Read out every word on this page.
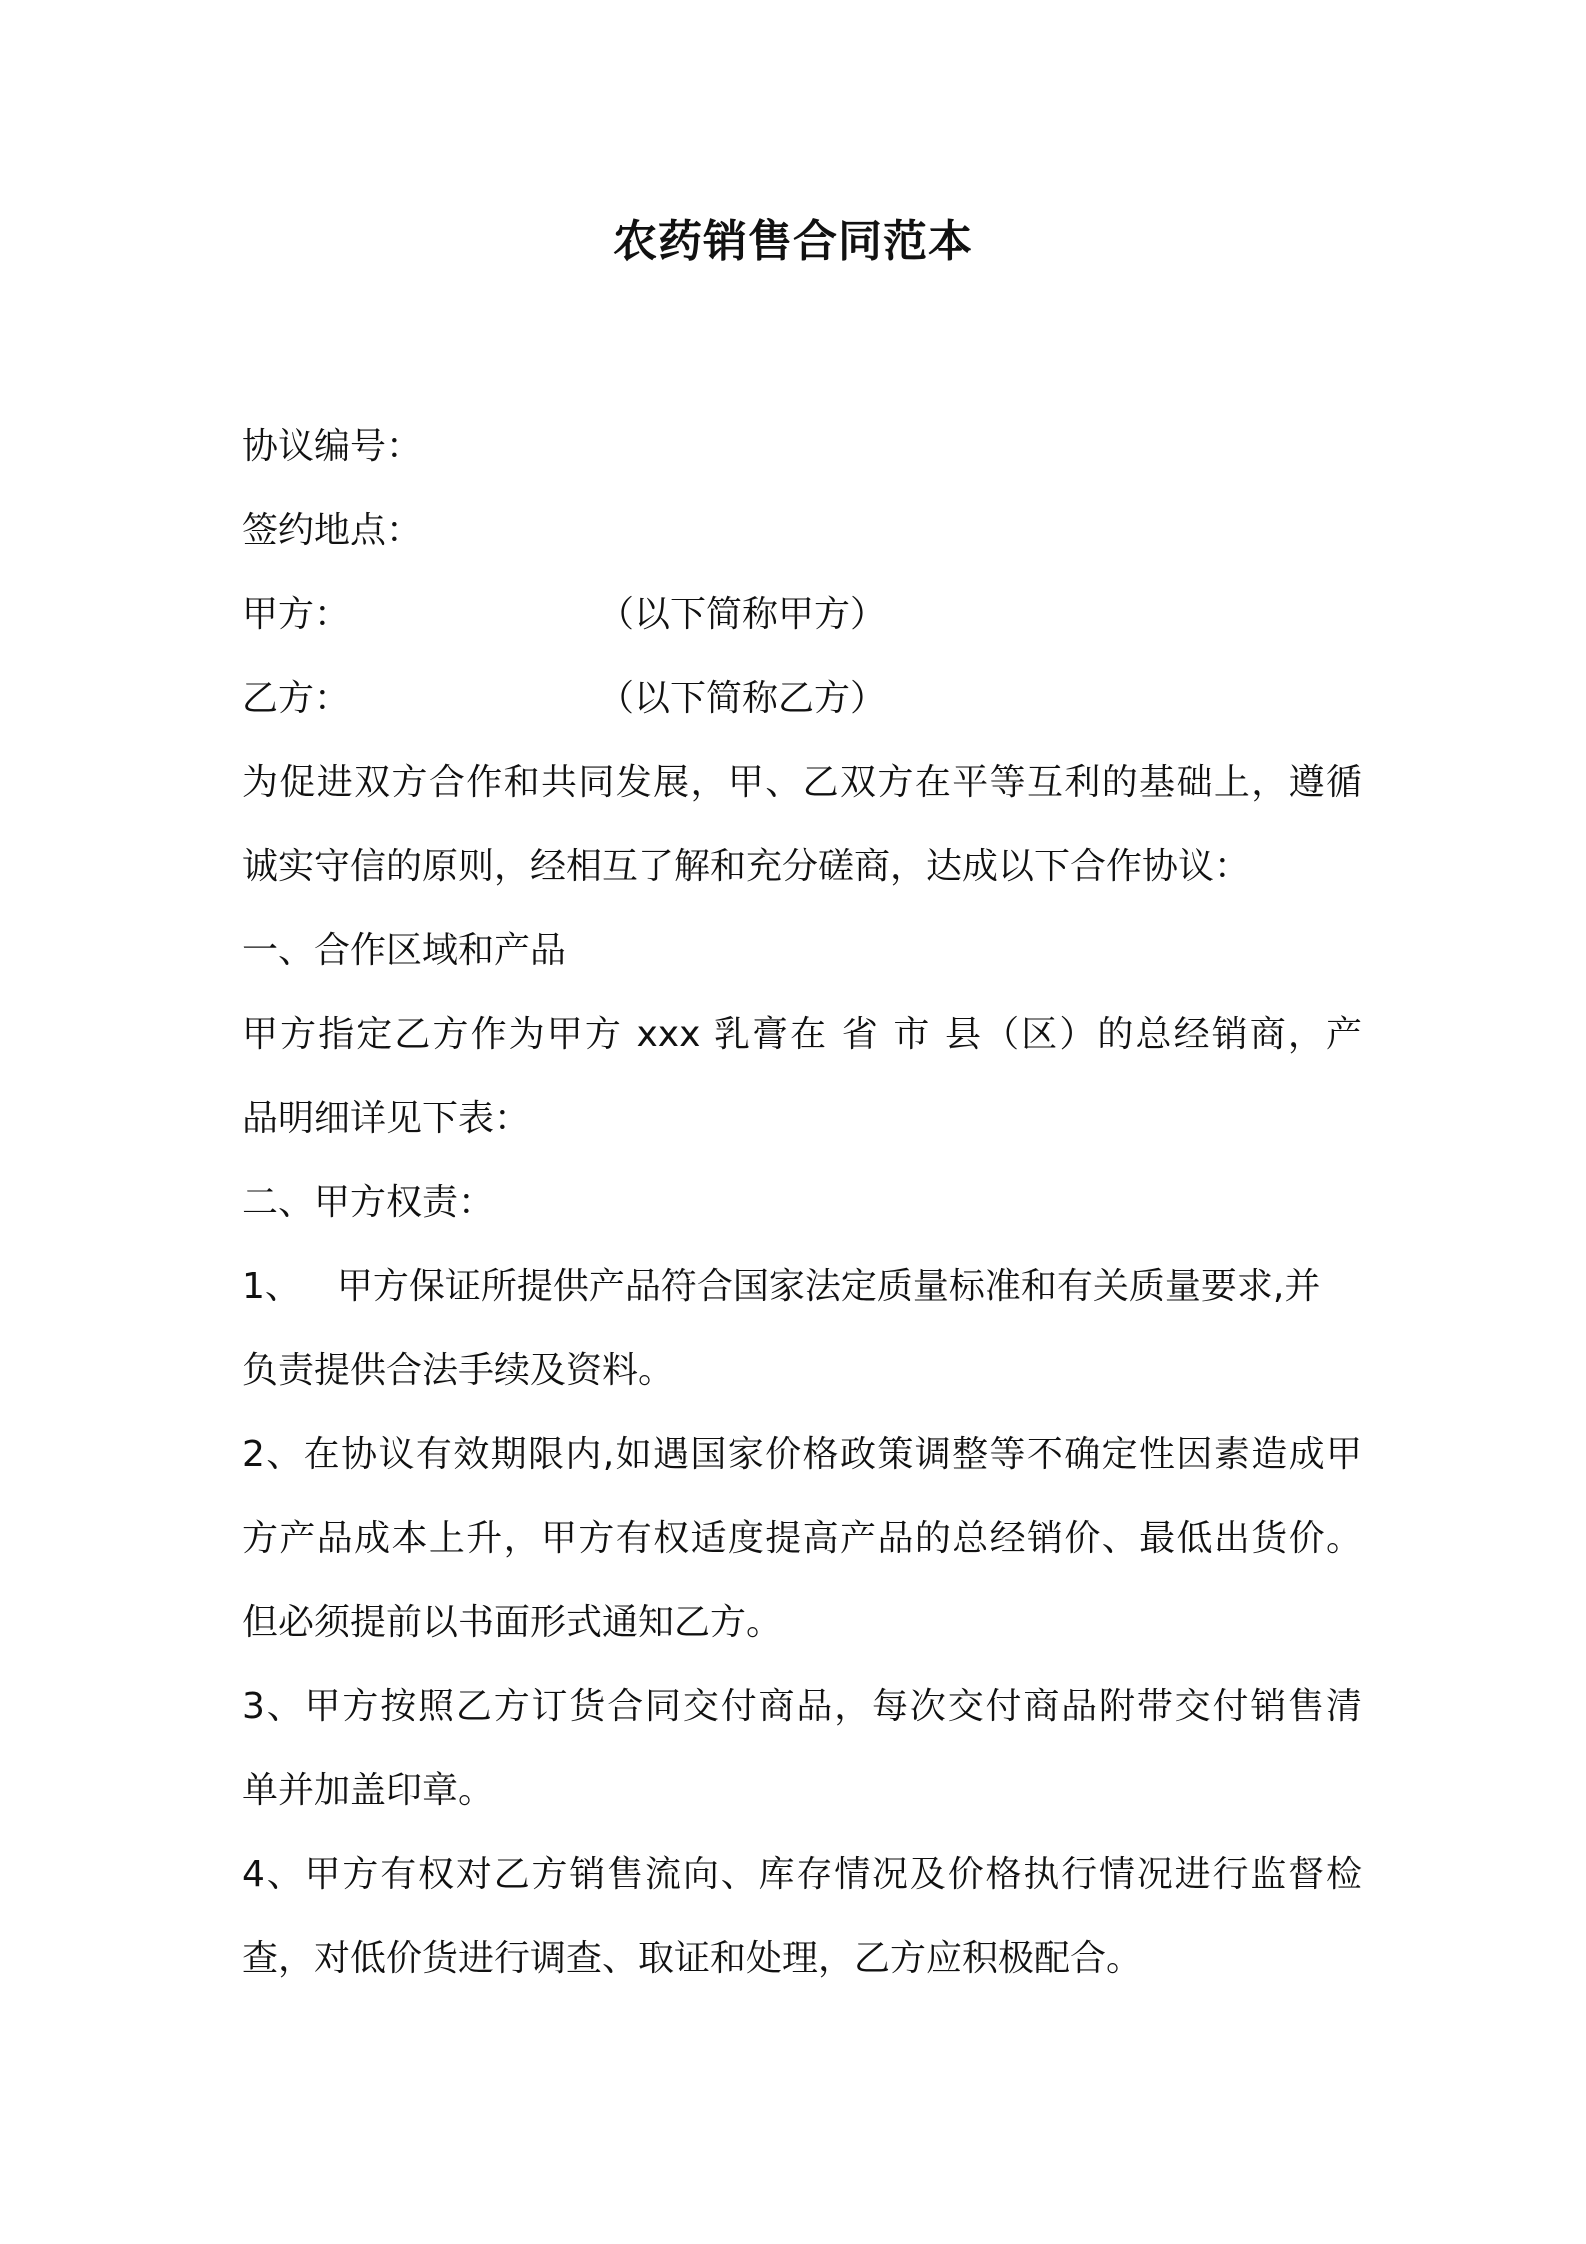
农药销售合同范本
协议编号：
签约地点：
甲方：	（以下简称甲方）
乙方：	（以下简称乙方）
为促进双方合作和共同发展，甲、乙双方在平等互利的基础上，遵循
诚实守信的原则，经相互了解和充分磋商，达成以下合作协议：
一、合作区域和产品
甲方指定乙方作为甲方 xxx 乳膏在 省 市 县（区）的总经销商，产
品明细详见下表：
二、甲方权责：
1、 甲方保证所提供产品符合国家法定质量标准和有关质量要求,并
负责提供合法手续及资料。
2、在协议有效期限内,如遇国家价格政策调整等不确定性因素造成甲
方产品成本上升，甲方有权适度提高产品的总经销价、最低出货价。
但必须提前以书面形式通知乙方。
3、甲方按照乙方订货合同交付商品，每次交付商品附带交付销售清
单并加盖印章。
4、甲方有权对乙方销售流向、库存情况及价格执行情况进行监督检
查，对低价货进行调查、取证和处理，乙方应积极配合。
